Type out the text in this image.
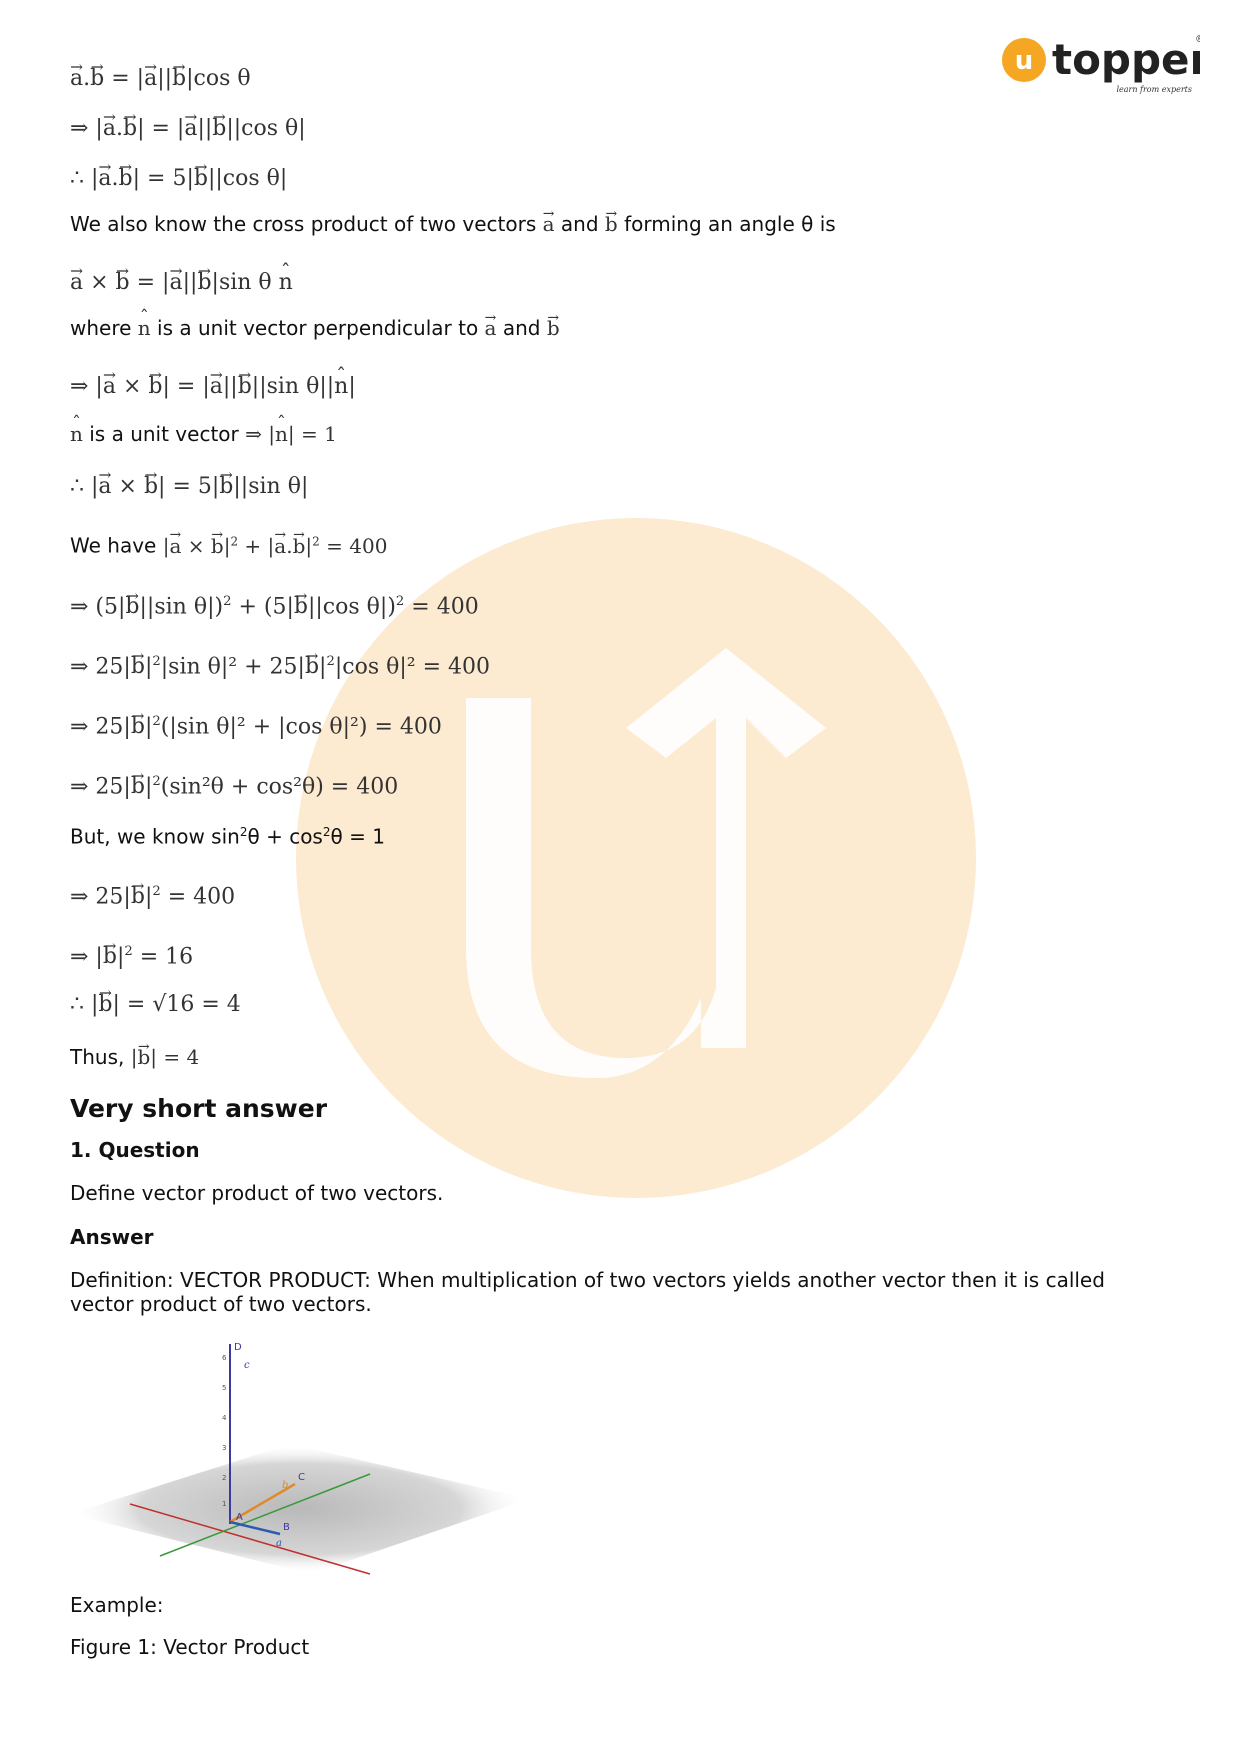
u topper
learn from experts
®
→ a.→ b = |→ a||→ b|cos θ
⇒ |→ a.→ b| = |→ a||→ b||cos θ|
∴ |→ a.→ b| = 5|→ b||cos θ|

We also know the cross product of two vectors → a and → b forming an angle θ is

→ a × → b = |→ a||→ b|sin θ ˆ n

where ˆ n is a unit vector perpendicular to → a and → b

⇒ |→ a × → b| = |→ a||→ b||sin θ||ˆ n|

ˆ n is a unit vector ⇒ |ˆ n| = 1

∴ |→ a × → b| = 5|→ b||sin θ|

We have |→ a × → $b|^2$ + |→ $a.\to b|^2 = 400$

⇒ (5|→ b||sin θ|)$^2$ + (5|→ b||cos θ|)$^2$ = 400
⇒ $25|\to b|^2|\sin$ $\theta|^2 + 25|\to b|^2|\cos$ θ|² = 400
⇒ $25|\to b|^2(|\sin$ θ|² + |cos θ|²) = 400
⇒ $25|\to b|^2(\sin^2\theta + \cos^2\theta) = 400$

But, we know $\sin^2\theta + \cos^2\theta = 1$

⇒ $25|\to b|^2 = 400$
⇒ |→ $b|^2 = 16$
∴ |→ b| = √16 = 4

Thus, |→ b| = 4

Very short answer

1. Question

Define vector product of two vectors.

Answer

Definition: VECTOR PRODUCT: When multiplication of two vectors yields another vector then it is called vector product of two vectors.

D
C
B
A
c
b
a
6
5
4
3
2
1

Example:

Figure 1: Vector Product
